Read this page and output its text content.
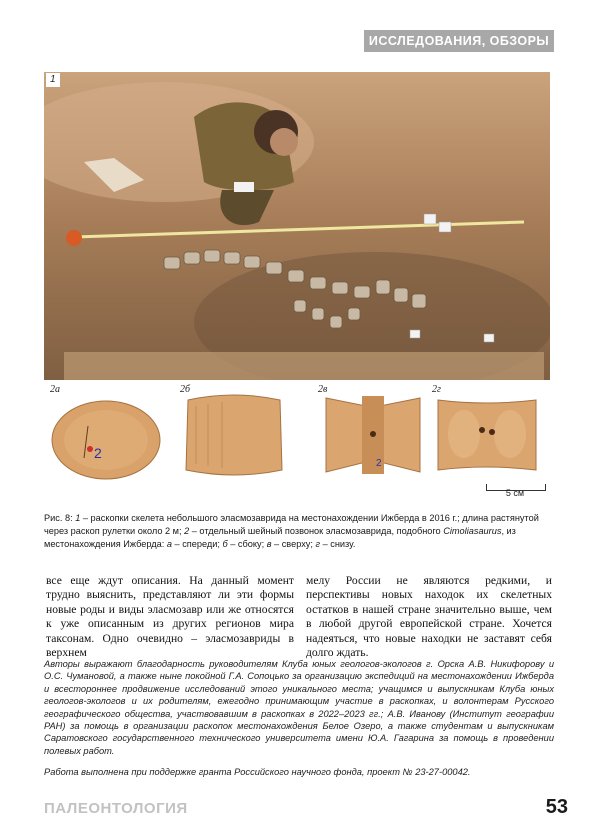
ИССЛЕДОВАНИЯ, ОБЗОРЫ
1
2
2а	2б
2
2в	2г
5 см
Рис. 8: 1 – раскопки скелета небольшого эласмозаврида на местонахождении Ижберда в 2016 г.; длина растянутой через раскоп рулетки около 2 м; 2 – отдельный шейный позвонок эласмозаврида, подобного Cimoliasaurus, из местонахождения Ижберда: а – спереди; б – сбоку; в – сверху; г – снизу.
все еще ждут описания. На данный момент трудно выяснить, представляют ли эти формы новые роды и виды эласмозавр или же относятся к уже описанным из других регионов мира таксонам. Одно очевидно – эласмозавриды в верхнем
мелу России не являются редкими, и перспективы новых находок их скелетных остатков в нашей стране значительно выше, чем в любой другой европейской стране. Хочется надеяться, что новые находки не заставят себя долго ждать.
Авторы выражают благодарность руководителям Клуба юных геологов-экологов г. Орска А.В. Никифорову и О.С. Чумановой, а также ныне покойной Г.А. Сопоцько за организацию экспедиций на местонахождении Ижберда и всестороннее продвижение исследований этого уникального места; учащимся и выпускникам Клуба юных геологов-экологов и их родителям, ежегодно принимающим участие в раскопках, и волонтерам Русского географического общества, участвовавшим в раскопках в 2022–2023 гг.; А.В. Иванову (Институт географии РАН) за помощь в организации раскопок местонахождения Белое Озеро, а также студентам и выпускникам Саратовского государственного технического университета имени Ю.А. Гагарина за помощь в проведении полевых работ.
Работа выполнена при поддержке гранта Российского научного фонда, проект № 23-27-00042.
ПАЛЕОНТОЛОГИЯ	53
